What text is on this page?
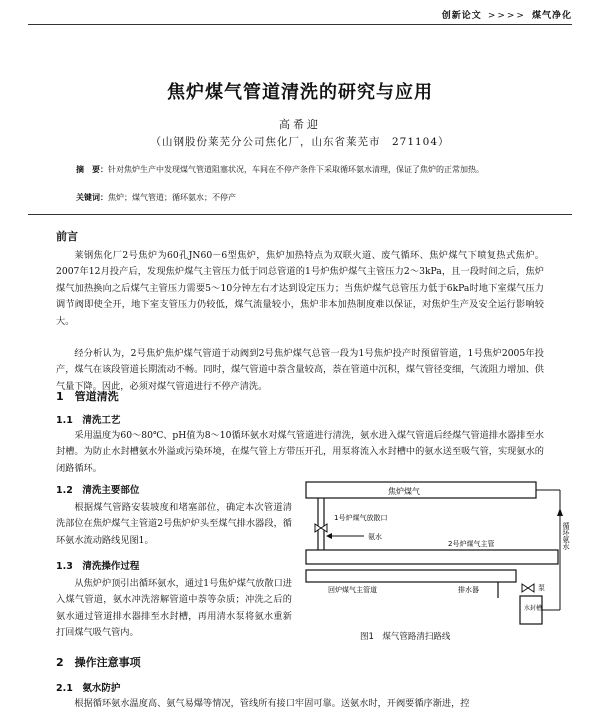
创新论文 >>>> 煤气净化
焦炉煤气管道清洗的研究与应用
高希迎
（山钢股份莱芜分公司焦化厂，山东省莱芜市　271104）
摘　要：针对焦炉生产中发现煤气管道阻塞状况，车间在不停产条件下采取循环氨水清理，保证了焦炉的正常加热。
关键词：焦炉；煤气管道；循环氨水；不停产
前言
莱钢焦化厂2号焦炉为60孔JN60－6型焦炉，焦炉加热特点为双联火道、废气循环、焦炉煤气下喷复热式焦炉。2007年12月投产后，发现焦炉煤气主管压力低于同总管道的1号炉焦炉煤气主管压力2～3kPa，且一段时间之后，焦炉煤气加热换向之后煤气主管压力需要5～10分钟左右才达到设定压力；当焦炉煤气总管压力低于6kPa时地下室煤气压力调节阀即使全开，地下室支管压力仍较低，煤气流量较小，焦炉非本加热制度难以保证，对焦炉生产及安全运行影响较大。
经分析认为，2号焦炉焦炉煤气管道于动阀到2号焦炉煤气总管一段为1号焦炉投产时预留管道，1号焦炉2005年投产，煤气在该段管道长期流动不畅。同时，煤气管道中萘含量较高，萘在管道中沉积，煤气管径变细，气流阻力增加、供气量下降。因此，必须对煤气管道进行不停产清洗。
1　管道清洗
1.1　清洗工艺
采用温度为60～80℃、pH值为8～10循环氨水对煤气管道进行清洗，氨水进入煤气管道后经煤气管道排水器排至水封槽。为防止水封槽氨水外溢或污染环境，在煤气管上方带压开孔，用泵将流入水封槽中的氨水送至吸气管，实现氨水的闭路循环。
1.2　清洗主要部位
根据煤气管路安装坡度和堵塞部位，确定本次管道清洗部位在焦炉煤气主管道2号焦炉炉头至煤气排水器段，循环氨水流动路线见图1。
1.3　清洗操作过程
从焦炉炉顶引出循环氨水，通过1号焦炉煤气放散口进入煤气管道，氨水冲洗溶解管道中萘等杂质；冲洗之后的氨水通过管道排水器排至水封槽，再用清水泵将氨水重新打回煤气吸气管内。
2　操作注意事项
2.1　氨水防护
根据循环氨水温度高、氨气易爆等情况，管线所有接口牢固可靠。送氨水时，开阀要循序渐进，控
焦炉煤气
1号炉煤气放散口
氨水
2号炉煤气主管
回炉煤气主管道	排水器	泵
水封槽
循环氨水
图1　煤气管路清扫路线
